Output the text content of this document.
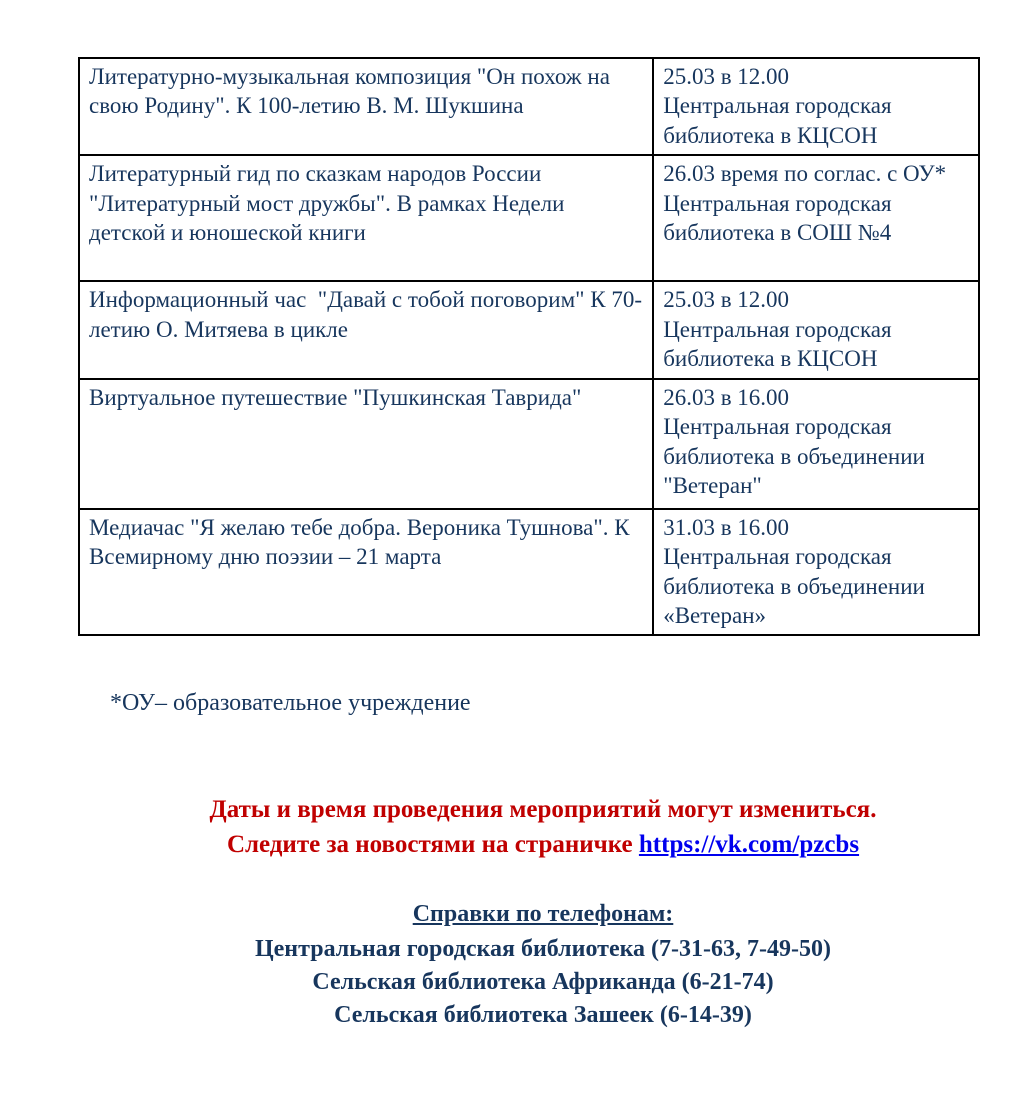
Литературно-музыкальная композиция "Он похож на свою Родину". К 100-летию В. М. Шукшина	25.03 в 12.00
Центральная городская библиотека в КЦСОН

Литературный гид по сказкам народов России "Литературный мост дружбы". В рамках Недели детской и юношеской книги	26.03 время по соглас. с ОУ*
Центральная городская библиотека в СОШ №4

Информационный час  "Давай с тобой поговорим" К 70-летию О. Митяева в цикле	25.03 в 12.00
Центральная городская библиотека в КЦСОН

Виртуальное путешествие "Пушкинская Таврида"	26.03 в 16.00
Центральная городская библиотека в объединении "Ветеран"

Медиачас "Я желаю тебе добра. Вероника Тушнова". К Всемирному дню поэзии – 21 марта	31.03 в 16.00
Центральная городская библиотека в объединении «Ветеран»

*ОУ– образовательное учреждение

Даты и время проведения мероприятий могут измениться.

Следите за новостями на страничке https://vk.com/pzcbs

Справки по телефонам:

Центральная городская библиотека (7-31-63, 7-49-50)

Сельская библиотека Африканда (6-21-74)

Сельская библиотека Зашеек (6-14-39)
